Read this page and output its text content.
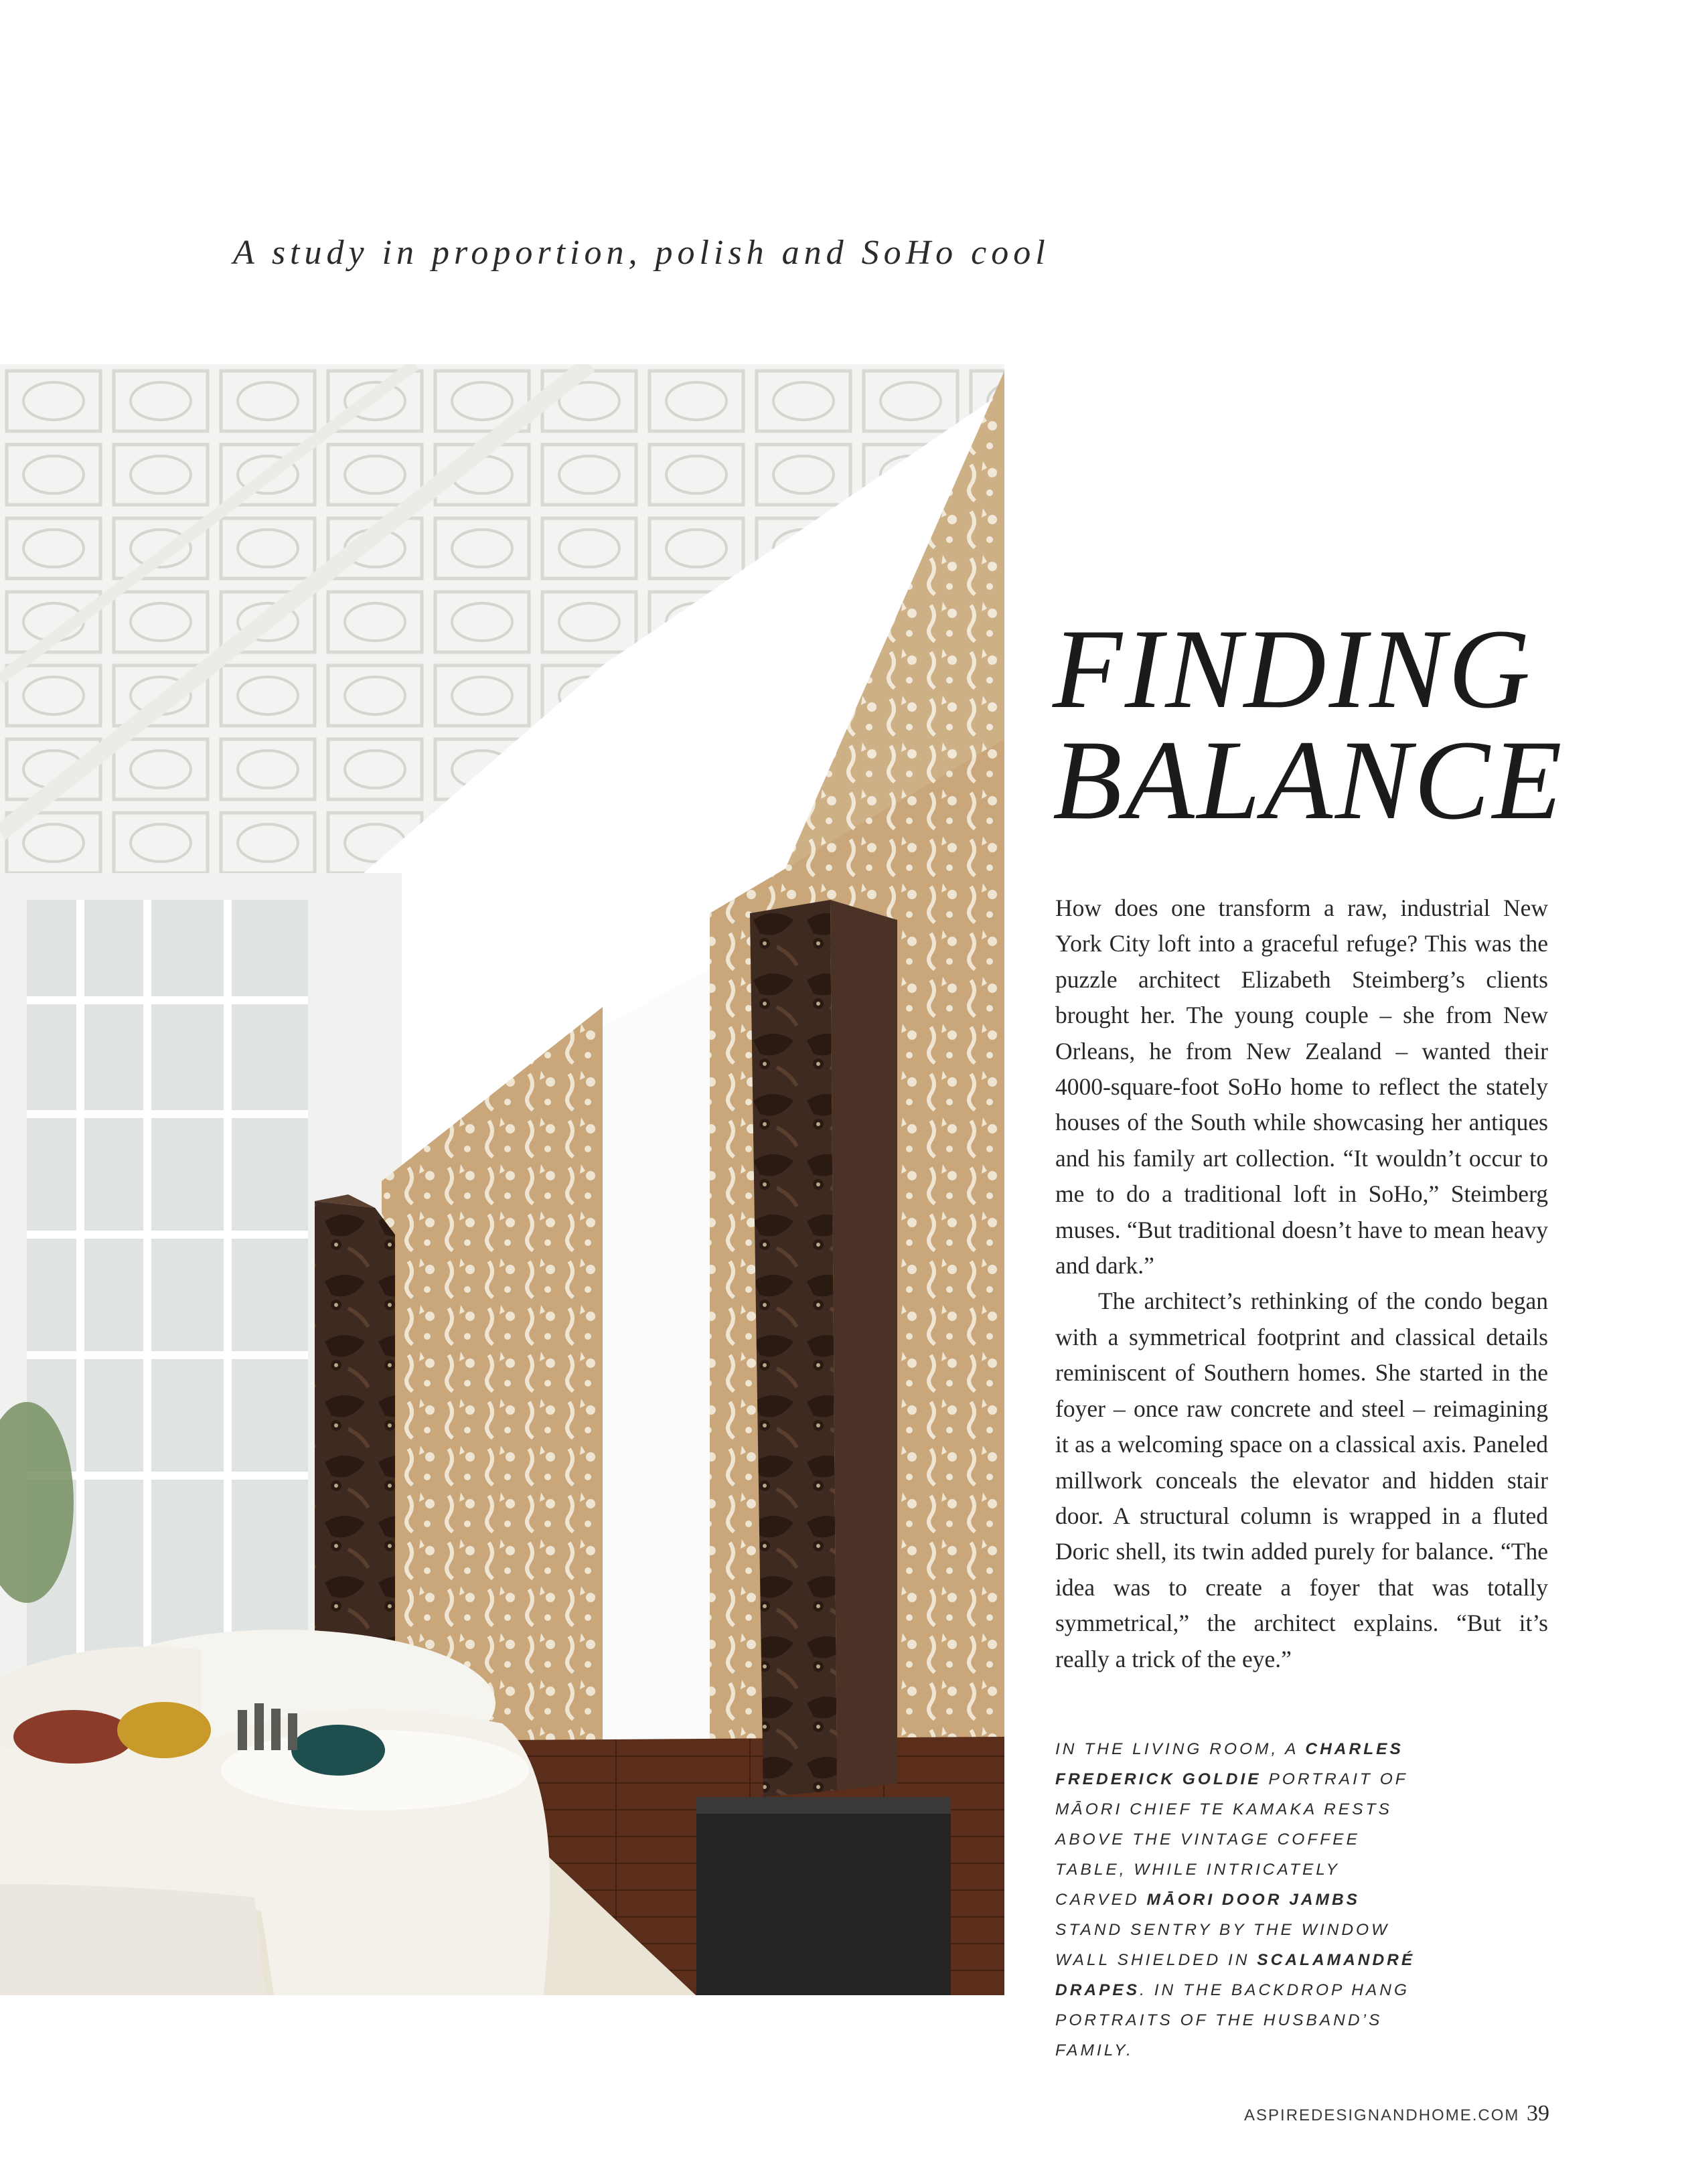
A study in proportion, polish and SoHo cool
FINDING
BALANCE

How does one transform a raw, industrial New York City loft into a graceful refuge? This was the puzzle architect Elizabeth Steimberg’s clients brought her. The young couple – she from New Orleans, he from New Zealand – wanted their 4000-square-foot SoHo home to reflect the stately houses of the South while showcasing her antiques and his family art collection. “It wouldn’t occur to me to do a traditional loft in SoHo,” Steimberg muses. “But traditional doesn’t have to mean heavy and dark.”

The architect’s rethinking of the condo began with a symmetrical footprint and classical details reminiscent of Southern homes. She started in the foyer – once raw concrete and steel – reimagining it as a welcoming space on a classical axis. Paneled millwork conceals the elevator and hidden stair door. A structural column is wrapped in a fluted Doric shell, its twin added purely for balance. “The idea was to create a foyer that was totally symmetrical,” the architect explains. “But it’s really a trick of the eye.”

IN THE LIVING ROOM, A CHARLES FREDERICK GOLDIE PORTRAIT OF MĀORI CHIEF TE KAMAKA RESTS ABOVE THE VINTAGE COFFEE TABLE, WHILE INTRICATELY CARVED MĀORI DOOR JAMBS STAND SENTRY BY THE WINDOW WALL SHIELDED IN SCALAMANDRÉ DRAPES. IN THE BACKDROP HANG PORTRAITS OF THE HUSBAND’S FAMILY.
ASPIREDESIGNANDHOME.COM 39
